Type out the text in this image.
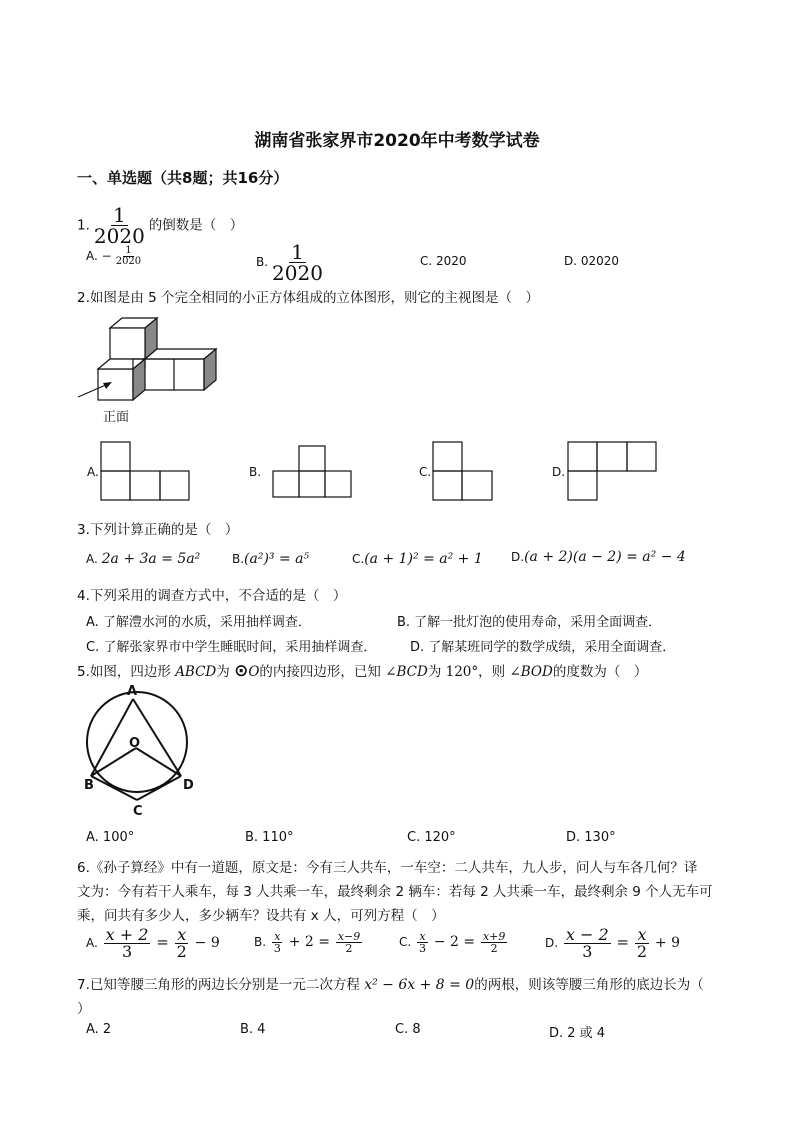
湖南省张家界市2020年中考数学试卷
一、单选题（共8题；共16分）
1. $\frac{1}{2020}$ 的倒数是（　）
A. − $\frac{1}{2020}$	B. $\frac{1}{2020}$	C. 2020	D. 02020
2.如图是由 5 个完全相同的小正方体组成的立体图形，则它的主视图是（　）
正面
A.	B.	C.	D.
3.下列计算正确的是（　）
A. 2a + 3a = 5a²	B.(a²)³ = a⁵	C.(a + 1)² = a² + 1 D.(a + 2)(a − 2) = a² − 4
4.下列采用的调查方式中，不合适的是（　）
A. 了解澧水河的水质，采用抽样调查．	B. 了解一批灯泡的使用寿命，采用全面调查．
C. 了解张家界市中学生睡眠时间，采用抽样调查．	D. 了解某班同学的数学成绩，采用全面调查．
5.如图，四边形 ABCD为 ⊙O的内接四边形，已知 ∠BCD为 120°，则 ∠BOD的度数为（　）
A
O
B	D
C
A. 100°	B. 110°	C. 120°	D. 130°
6.《孙子算经》中有一道题，原文是：今有三人共车，一车空：二人共车，九人步，问人与车各几何？译
文为：今有若干人乘车，每 3 人共乘一车，最终剩余 2 辆车：若每 2 人共乘一车，最终剩余 9 个人无车可
乘，问共有多少人，多少辆车？设共有 x 人，可列方程（　）
A. $\frac{x + 2}{3} = \frac{x}{2} - 9$	B. $\frac{x}{3} + 2 = \frac{x-9}{2}$	C. $\frac{x}{3} - 2 = \frac{x+9}{2}$	D. $\frac{x - 2}{3} = \frac{x}{2} + 9$
7.已知等腰三角形的两边长分别是一元二次方程 x² − 6x + 8 = 0的两根，则该等腰三角形的底边长为（
）
A. 2	B. 4	C. 8	D. 2 或 4
